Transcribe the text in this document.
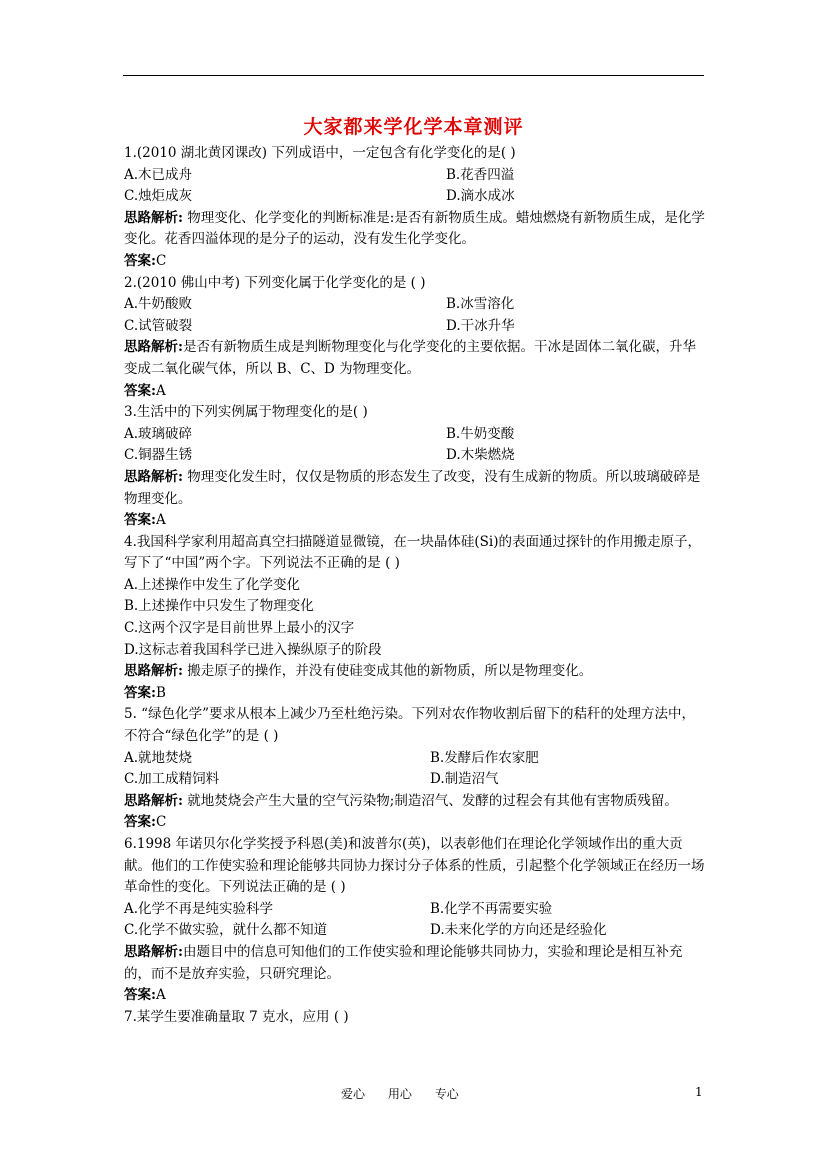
大家都来学化学本章测评
1.(2010 湖北黄冈课改) 下列成语中，一定包含有化学变化的是( )
A.木已成舟	B.花香四溢
C.烛炬成灰	D.滴水成冰
思路解析: 物理变化、化学变化的判断标准是:是否有新物质生成。蜡烛燃烧有新物质生成，是化学变化。花香四溢体现的是分子的运动，没有发生化学变化。
答案:C
2.(2010 佛山中考) 下列变化属于化学变化的是 ( )
A.牛奶酸败	B.冰雪溶化
C.试管破裂	D.干冰升华
思路解析:是否有新物质生成是判断物理变化与化学变化的主要依据。干冰是固体二氧化碳，升华变成二氧化碳气体，所以 B、C、D 为物理变化。
答案:A
3.生活中的下列实例属于物理变化的是( )
A.玻璃破碎	B.牛奶变酸
C.铜器生锈	D.木柴燃烧
思路解析: 物理变化发生时，仅仅是物质的形态发生了改变，没有生成新的物质。所以玻璃破碎是物理变化。
答案:A
4.我国科学家利用超高真空扫描隧道显微镜，在一块晶体硅(Si)的表面通过探针的作用搬走原子，写下了“中国”两个字。下列说法不正确的是 ( )
A.上述操作中发生了化学变化
B.上述操作中只发生了物理变化
C.这两个汉字是目前世界上最小的汉字
D.这标志着我国科学已进入操纵原子的阶段
思路解析: 搬走原子的操作，并没有使硅变成其他的新物质，所以是物理变化。
答案:B
5. “绿色化学”要求从根本上减少乃至杜绝污染。下列对农作物收割后留下的秸秆的处理方法中，不符合“绿色化学”的是 ( )
A.就地焚烧	B.发酵后作农家肥
C.加工成精饲料	D.制造沼气
思路解析: 就地焚烧会产生大量的空气污染物;制造沼气、发酵的过程会有其他有害物质残留。
答案:C
6.1998 年诺贝尔化学奖授予科恩(美)和波普尔(英)，以表彰他们在理论化学领域作出的重大贡献。他们的工作使实验和理论能够共同协力探讨分子体系的性质，引起整个化学领域正在经历一场革命性的变化。下列说法正确的是 ( )
A.化学不再是纯实验科学	B.化学不再需要实验
C.化学不做实验，就什么都不知道	D.未来化学的方向还是经验化
思路解析:由题目中的信息可知他们的工作使实验和理论能够共同协力，实验和理论是相互补充的，而不是放弃实验，只研究理论。
答案:A
7.某学生要准确量取 7 克水，应用 ( )
爱心      用心      专心	1
